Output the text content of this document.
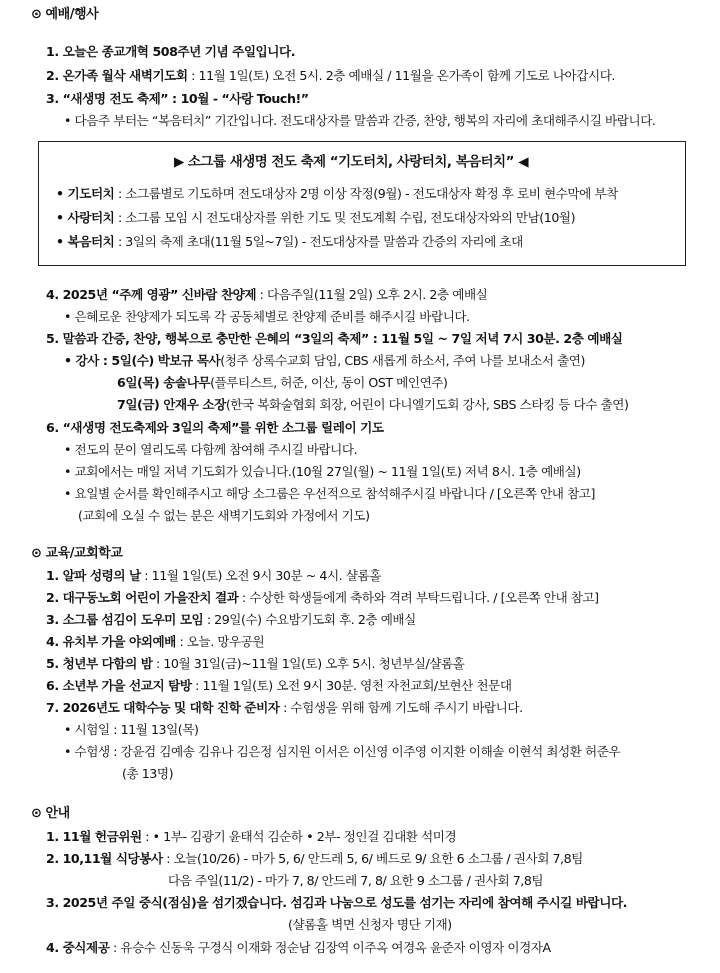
⊙ 예배/행사
1. 오늘은 종교개혁 508주년 기념 주일입니다.
2. 온가족 월삭 새벽기도회 : 11월 1일(토) 오전 5시. 2층 예배실 / 11월을 온가족이 함께 기도로 나아갑시다.
3. “새생명 전도 축제” : 10월 - “사랑 Touch!”
• 다음주 부터는 “복음터치” 기간입니다. 전도대상자를 말씀과 간증, 찬양, 행복의 자리에 초대해주시길 바랍니다.
▶ 소그룹 새생명 전도 축제 “기도터치, 사랑터치, 복음터치” ◀
• 기도터치 : 소그룹별로 기도하며 전도대상자 2명 이상 작정(9월) - 전도대상자 확정 후 로비 현수막에 부착
• 사랑터치 : 소그룹 모임 시 전도대상자를 위한 기도 및 전도계획 수립, 전도대상자와의 만남(10월)
• 복음터치 : 3일의 축제 초대(11월 5일~7일) - 전도대상자를 말씀과 간증의 자리에 초대
4. 2025년 “주께 영광” 신바람 찬양제 : 다음주일(11월 2일) 오후 2시. 2층 예배실
• 은혜로운 찬양제가 되도록 각 공동체별로 찬양제 준비를 해주시길 바랍니다.
5. 말씀과 간증, 찬양, 행복으로 충만한 은혜의 “3일의 축제” : 11월 5일 ~ 7일 저녁 7시 30분. 2층 예배실
• 강사 : 5일(수) 박보규 목사(청주 상록수교회 담임, CBS 새롭게 하소서, 주여 나를 보내소서 출연)
6일(목) 송솔나무(플루티스트, 허준, 이산, 동이 OST 메인연주)
7일(금) 안재우 소장(한국 복화술협회 회장, 어린이 다니엘기도회 강사, SBS 스타킹 등 다수 출연)
6. “새생명 전도축제와 3일의 축제”를 위한 소그룹 릴레이 기도
• 전도의 문이 열리도록 다함께 참여해 주시길 바랍니다.
• 교회에서는 매일 저녁 기도회가 있습니다.(10월 27일(월) ~ 11월 1일(토) 저녁 8시. 1층 예배실)
• 요일별 순서를 확인해주시고 해당 소그룹은 우선적으로 참석해주시길 바랍니다 / [오른쪽 안내 참고]
(교회에 오실 수 없는 분은 새벽기도회와 가정에서 기도)
⊙ 교육/교회학교
1. 알파 성령의 날 : 11월 1일(토) 오전 9시 30분 ~ 4시. 샬롬홀
2. 대구동노회 어린이 가을잔치 결과 : 수상한 학생들에게 축하와 격려 부탁드립니다. / [오른쪽 안내 참고]
3. 소그룹 섬김이 도우미 모임 : 29일(수) 수요밤기도회 후. 2층 예배실
4. 유치부 가을 야외예배 : 오늘. 망우공원
5. 청년부 다함의 밤 : 10월 31일(금)~11월 1일(토) 오후 5시. 청년부실/샬롬홀
6. 소년부 가을 선교지 탐방 : 11월 1일(토) 오전 9시 30분. 영천 자천교회/보현산 천문대
7. 2026년도 대학수능 및 대학 진학 준비자 : 수험생을 위해 함께 기도해 주시기 바랍니다.
• 시험일 : 11월 13일(목)
• 수험생 : 강윤검 김예송 김유나 김은정 심지원 이서은 이신영 이주영 이지환 이해솔 이현석 최성환 허준우
(총 13명)
⊙ 안내
1. 11월 헌금위원 : • 1부- 김광기 윤태석 김순하 • 2부- 정인걸 김대환 석미경
2. 10,11월 식당봉사 : 오늘(10/26) - 마가 5, 6/ 안드레 5, 6/ 베드로 9/ 요한 6 소그룹 / 권사회 7,8팀
다음 주일(11/2) - 마가 7, 8/ 안드레 7, 8/ 요한 9 소그룹 / 권사회 7,8팀
3. 2025년 주일 중식(점심)을 섬기겠습니다. 섬김과 나눔으로 성도를 섬기는 자리에 참여해 주시길 바랍니다.
(샬롬홀 벽면 신청자 명단 기재)
4. 중식제공 : 유승수 신동욱 구경식 이재화 정순남 김장역 이주옥 여경옥 윤준자 이영자 이경자A
